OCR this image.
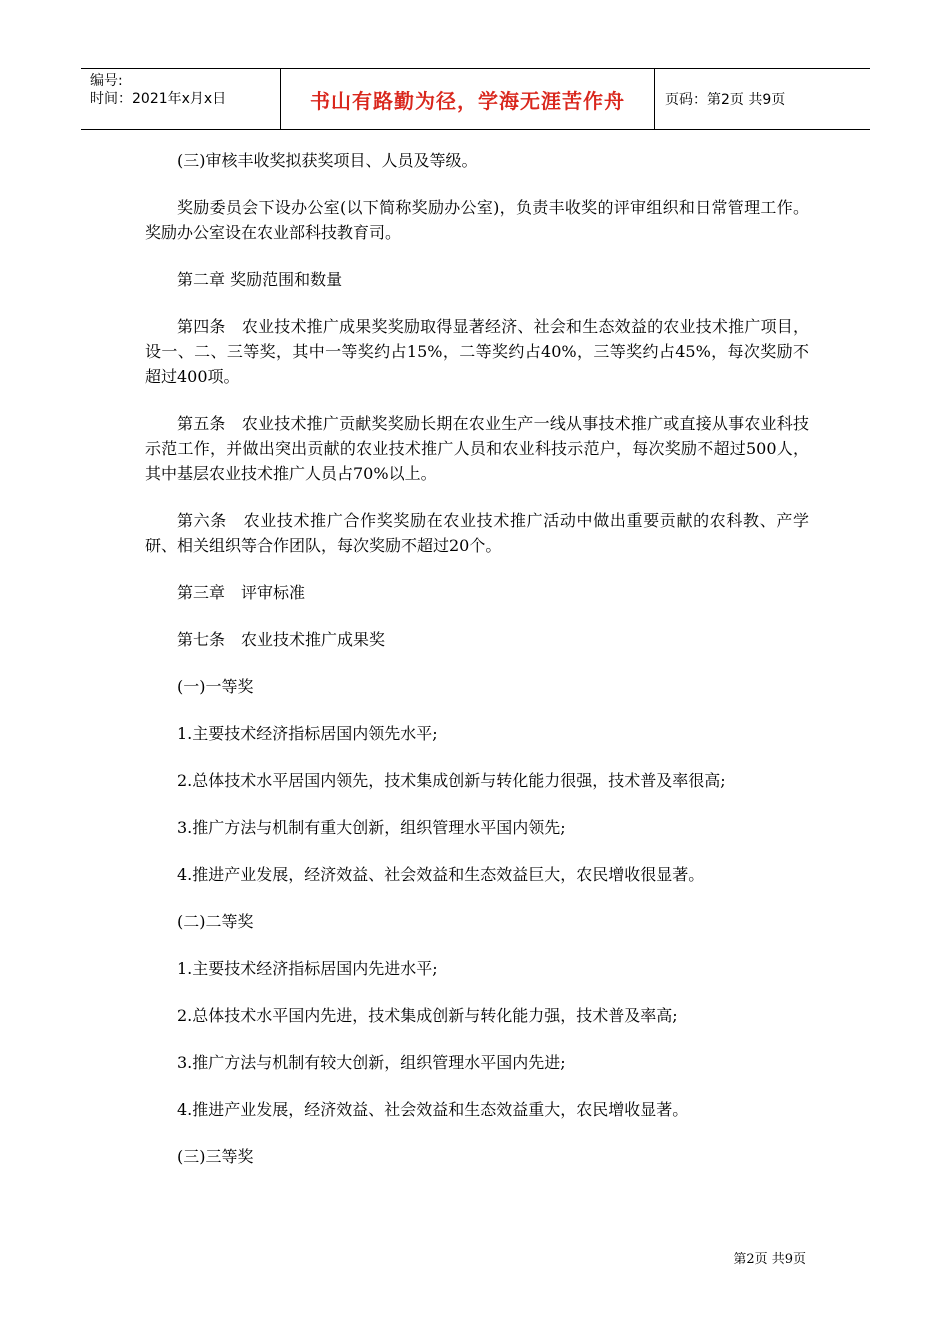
编号:
时间：2021年x月x日	书山有路勤为径，学海无涯苦作舟	页码：第2页 共9页

(三)审核丰收奖拟获奖项目、人员及等级。

奖励委员会下设办公室(以下简称奖励办公室)，负责丰收奖的评审组织和日常管理工作。奖励办公室设在农业部科技教育司。

第二章 奖励范围和数量

第四条　农业技术推广成果奖奖励取得显著经济、社会和生态效益的农业技术推广项目，设一、二、三等奖，其中一等奖约占15%，二等奖约占40%，三等奖约占45%，每次奖励不超过400项。

第五条　农业技术推广贡献奖奖励长期在农业生产一线从事技术推广或直接从事农业科技示范工作，并做出突出贡献的农业技术推广人员和农业科技示范户，每次奖励不超过500人，其中基层农业技术推广人员占70%以上。

第六条　农业技术推广合作奖奖励在农业技术推广活动中做出重要贡献的农科教、产学研、相关组织等合作团队，每次奖励不超过20个。

第三章　评审标准

第七条　农业技术推广成果奖

(一)一等奖

1.主要技术经济指标居国内领先水平;

2.总体技术水平居国内领先，技术集成创新与转化能力很强，技术普及率很高;

3.推广方法与机制有重大创新，组织管理水平国内领先;

4.推进产业发展，经济效益、社会效益和生态效益巨大，农民增收很显著。

(二)二等奖

1.主要技术经济指标居国内先进水平;

2.总体技术水平国内先进，技术集成创新与转化能力强，技术普及率高;

3.推广方法与机制有较大创新，组织管理水平国内先进;

4.推进产业发展，经济效益、社会效益和生态效益重大，农民增收显著。

(三)三等奖

第2页 共9页
